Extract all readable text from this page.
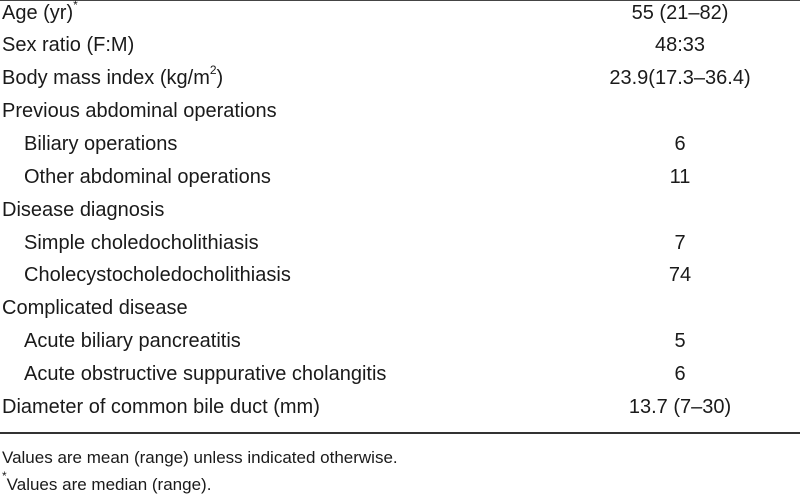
Age (yr)*	55 (21–82)
Sex ratio (F:M)	48:33
Body mass index $(kg/m^2)$	23.9(17.3–36.4)
Previous abdominal operations
Biliary operations	6
Other abdominal operations	11
Disease diagnosis
Simple choledocholithiasis	7
Cholecystocholedocholithiasis	74
Complicated disease
Acute biliary pancreatitis	5
Acute obstructive suppurative cholangitis	6
Diameter of common bile duct (mm)	13.7 (7–30)
Values are mean (range) unless indicated otherwise.
*Values are median (range).
